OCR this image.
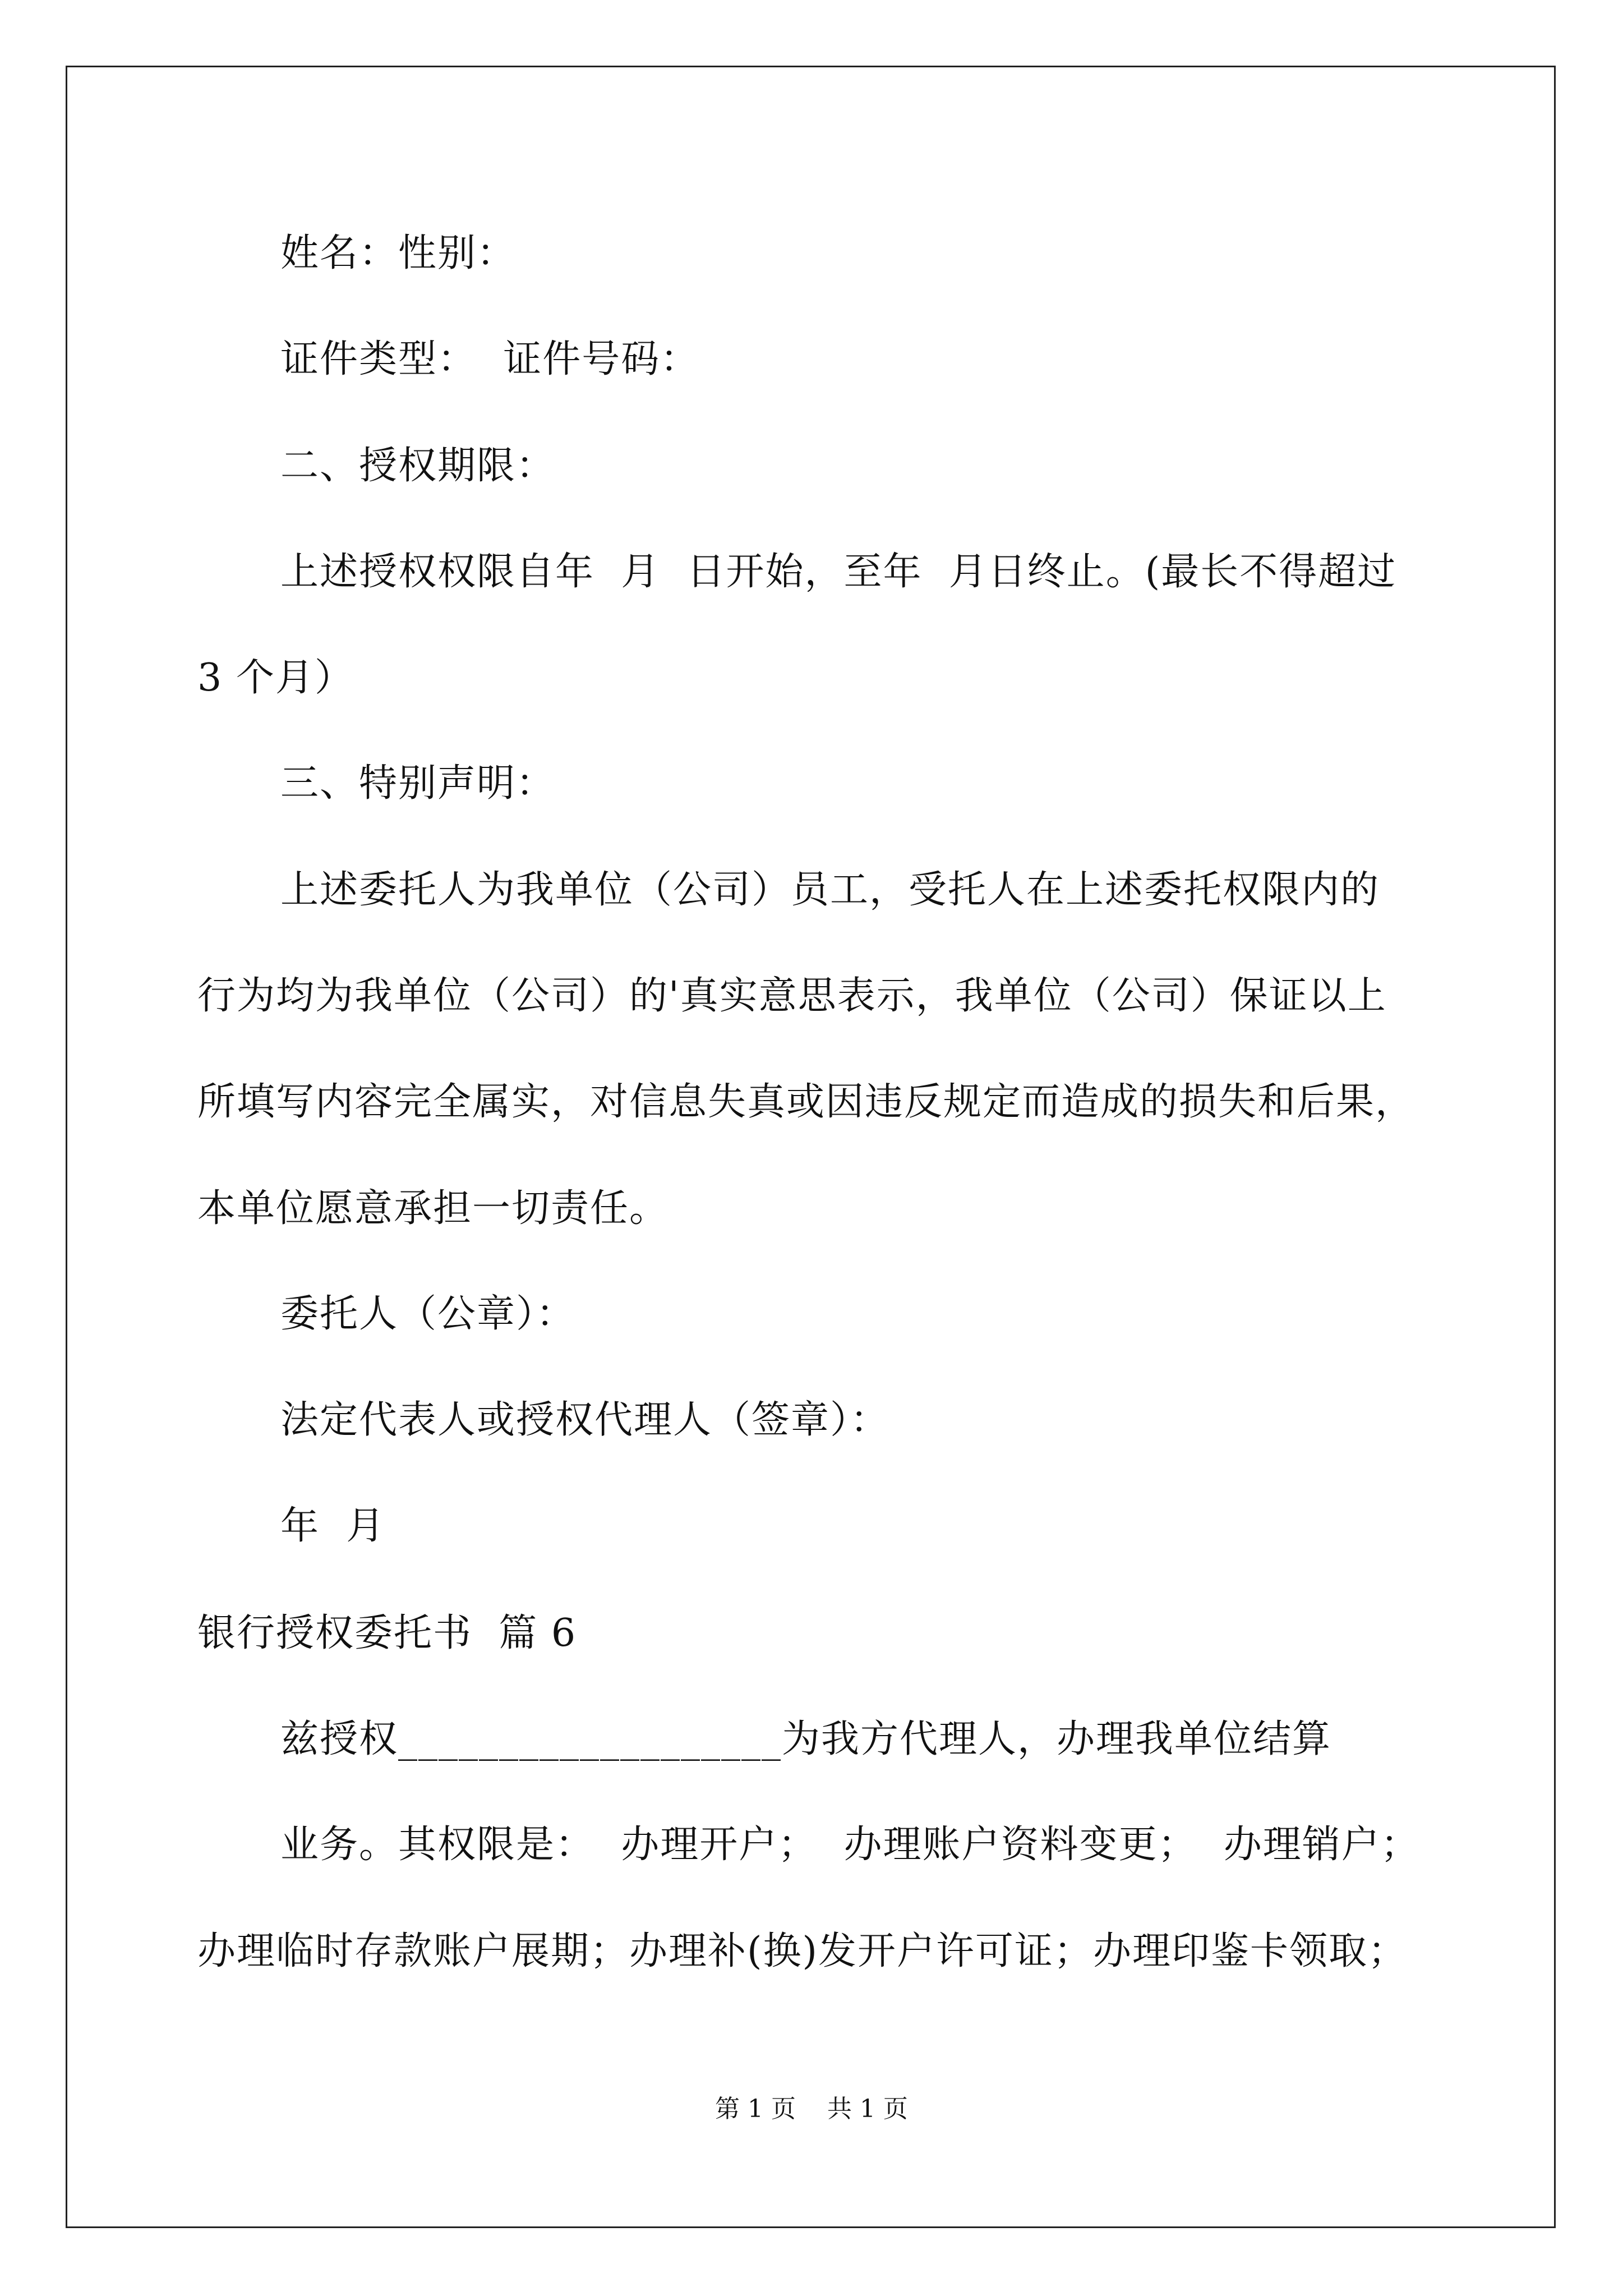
姓名：性别：
证件类型：  证件号码：
二、授权期限：
上述授权权限自年  月  日开始，至年  月日终止。(最长不得超过
3 个月）
三、特别声明：
上述委托人为我单位（公司）员工，受托人在上述委托权限内的
行为均为我单位（公司）的'真实意思表示，我单位（公司）保证以上
所填写内容完全属实，对信息失真或因违反规定而造成的损失和后果，
本单位愿意承担一切责任。
委托人（公章）：
法定代表人或授权代理人（签章）：
年  月
银行授权委托书  篇 6
兹授权___________________为我方代理人，办理我单位结算
业务。其权限是：  办理开户；  办理账户资料变更；  办理销户；
办理临时存款账户展期；办理补(换)发开户许可证；办理印鉴卡领取；
第 1 页    共 1 页
